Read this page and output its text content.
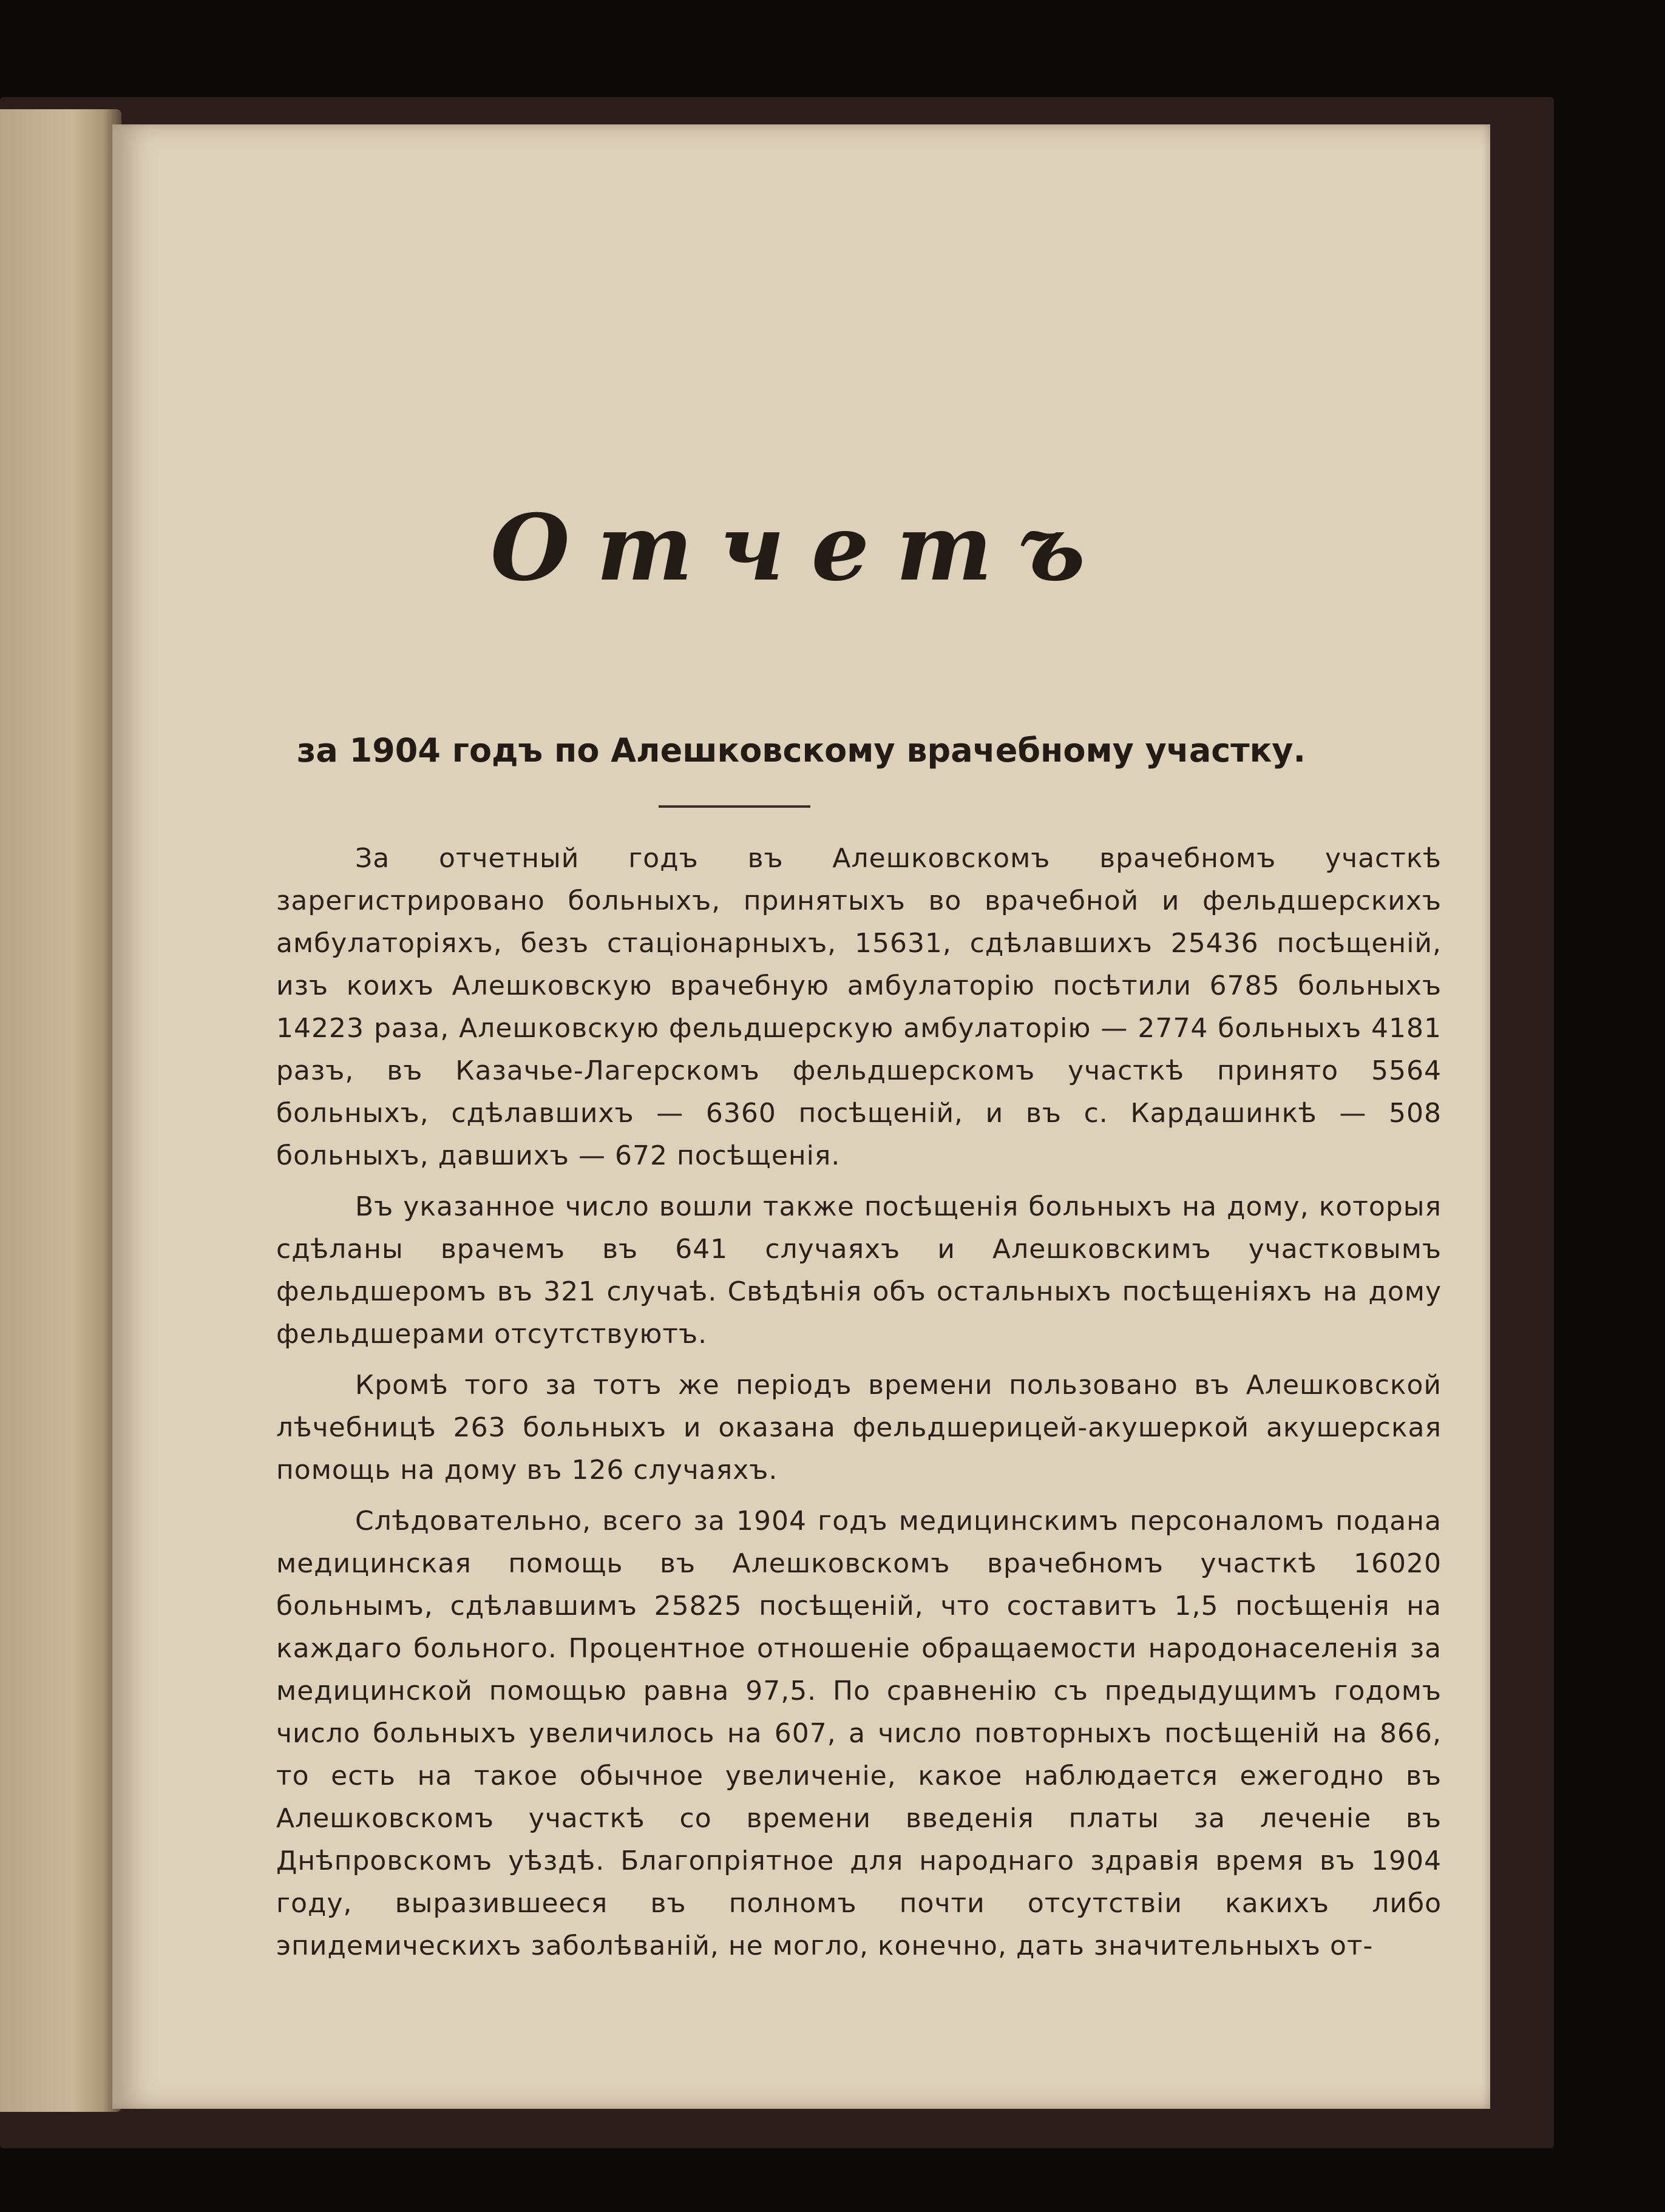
Отчетъ
за 1904 годъ по Алешковскому врачебному участку.

За отчетный годъ въ Алешковскомъ врачебномъ участкѣ зарегистрировано больныхъ, принятыхъ во врачебной и фельдшерскихъ амбулаторіяхъ, безъ стаціонарныхъ, 15631, сдѣлавшихъ 25436 посѣщеній, изъ коихъ Алешковскую врачебную амбулаторію посѣтили 6785 больныхъ 14223 раза, Алешковскую фельдшерскую амбулаторію — 2774 больныхъ 4181 разъ, въ Казачье-Лагерскомъ фельдшерскомъ участкѣ принято 5564 больныхъ, сдѣлавшихъ — 6360 посѣщеній, и въ с. Кардашинкѣ — 508 больныхъ, давшихъ — 672 посѣщенія.

Въ указанное число вошли также посѣщенія больныхъ на дому, которыя сдѣланы врачемъ въ 641 случаяхъ и Алешковскимъ участковымъ фельдшеромъ въ 321 случаѣ. Свѣдѣнія объ остальныхъ посѣщеніяхъ на дому фельдшерами отсутствуютъ.

Кромѣ того за тотъ же періодъ времени пользовано въ Алешковской лѣчебницѣ 263 больныхъ и оказана фельдшерицей-акушеркой акушерская помощь на дому въ 126 случаяхъ.

Слѣдовательно, всего за 1904 годъ медицинскимъ персоналомъ подана медицинская помощь въ Алешковскомъ врачебномъ участкѣ 16020 больнымъ, сдѣлавшимъ 25825 посѣщеній, что составитъ 1,5 посѣщенія на каждаго больного. Процентное отношеніе обращаемости народонаселенія за медицинской помощью равна 97,5. По сравненію съ предыдущимъ годомъ число больныхъ увеличилось на 607, а число повторныхъ посѣщеній на 866, то есть на такое обычное увеличеніе, какое наблюдается ежегодно въ Алешковскомъ участкѣ со времени введенія платы за леченіе въ Днѣпровскомъ уѣздѣ. Благопріятное для народнаго здравія время въ 1904 году, выразившееся въ полномъ почти отсутствіи какихъ либо эпидемическихъ заболѣваній, не могло, конечно, дать значительныхъ от-
